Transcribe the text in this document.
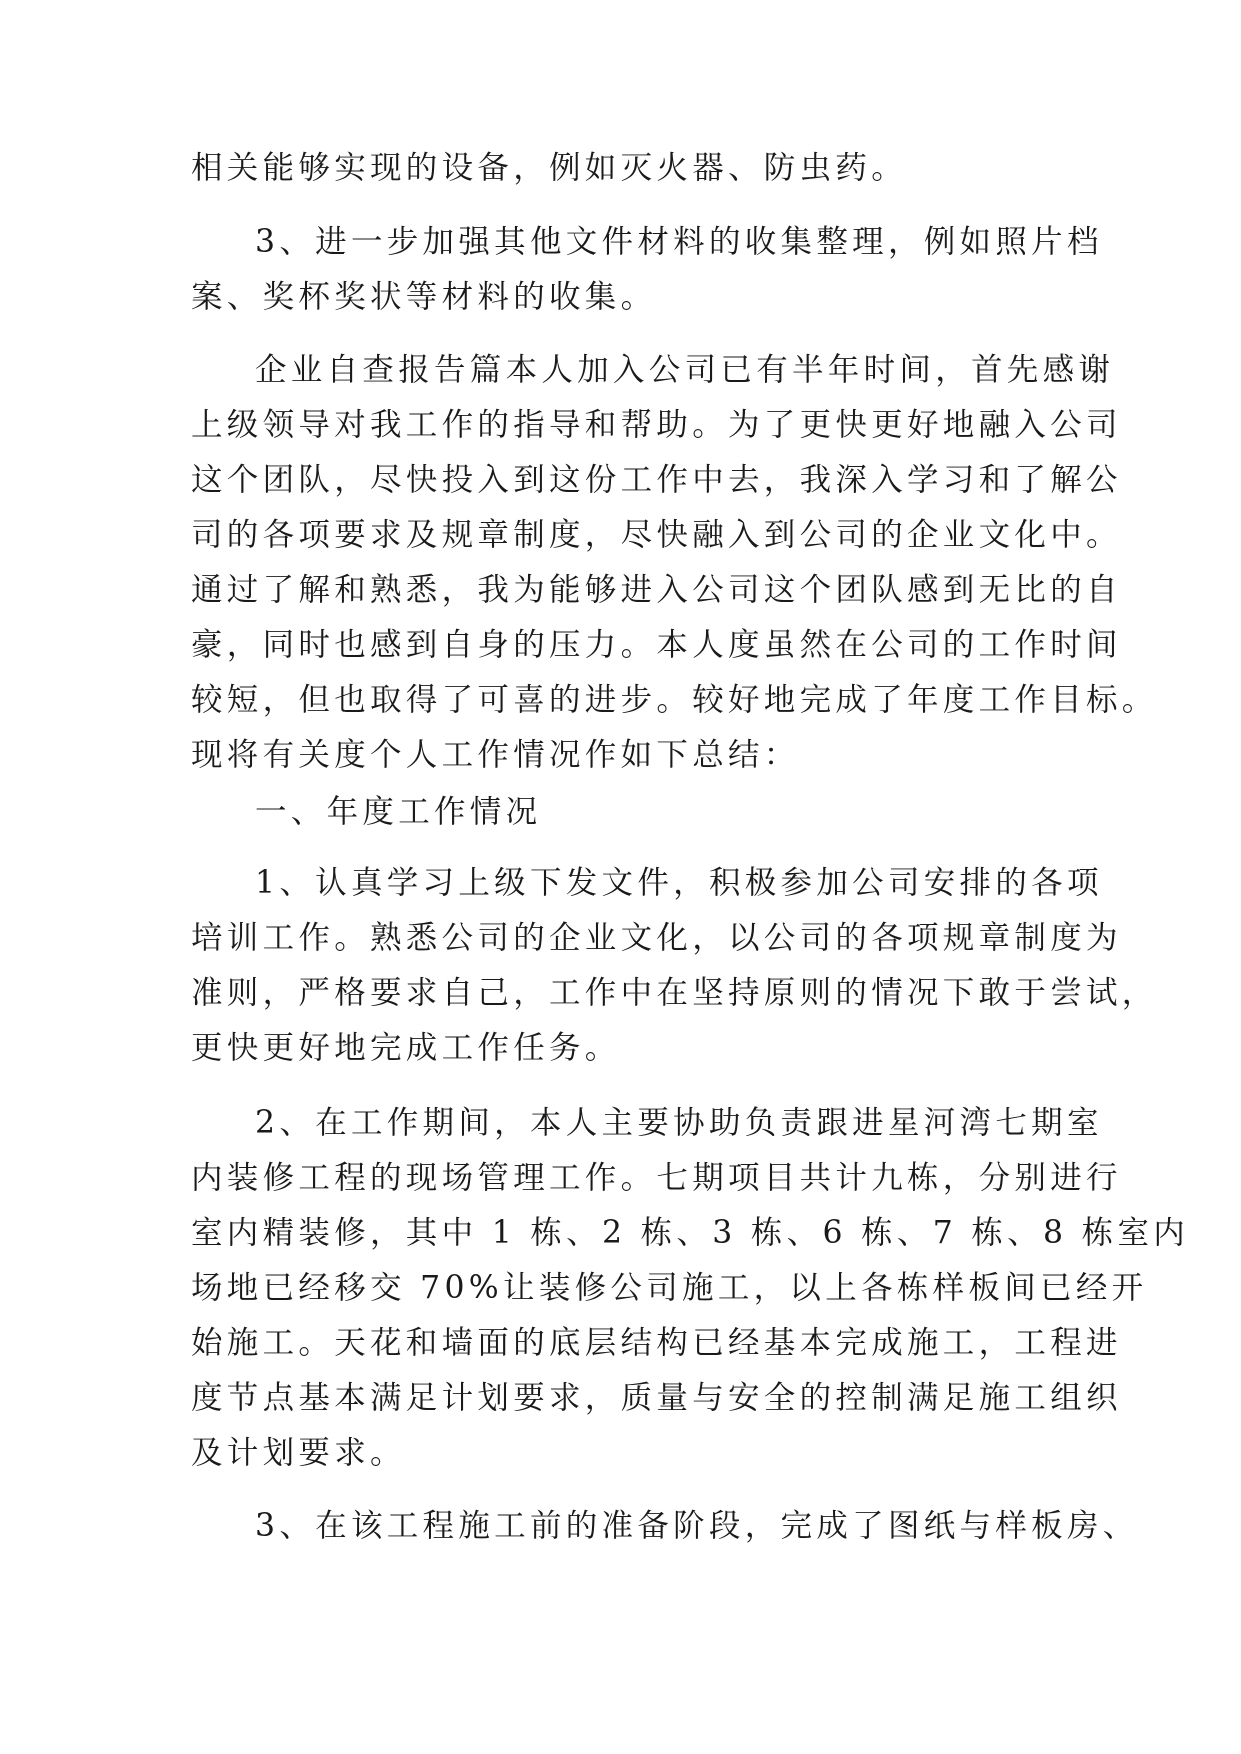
相关能够实现的设备，例如灭火器、防虫药。

3、进一步加强其他文件材料的收集整理，例如照片档

案、奖杯奖状等材料的收集。

企业自查报告篇本人加入公司已有半年时间，首先感谢

上级领导对我工作的指导和帮助。为了更快更好地融入公司

这个团队，尽快投入到这份工作中去，我深入学习和了解公

司的各项要求及规章制度，尽快融入到公司的企业文化中。

通过了解和熟悉，我为能够进入公司这个团队感到无比的自

豪，同时也感到自身的压力。本人度虽然在公司的工作时间

较短，但也取得了可喜的进步。较好地完成了年度工作目标。

现将有关度个人工作情况作如下总结：

一、年度工作情况

1、认真学习上级下发文件，积极参加公司安排的各项

培训工作。熟悉公司的企业文化，以公司的各项规章制度为

准则，严格要求自己，工作中在坚持原则的情况下敢于尝试，

更快更好地完成工作任务。

2、在工作期间，本人主要协助负责跟进星河湾七期室

内装修工程的现场管理工作。七期项目共计九栋，分别进行

室内精装修，其中 1 栋、2 栋、3 栋、6 栋、7 栋、8 栋室内

场地已经移交 70%让装修公司施工，以上各栋样板间已经开

始施工。天花和墙面的底层结构已经基本完成施工，工程进

度节点基本满足计划要求，质量与安全的控制满足施工组织

及计划要求。

3、在该工程施工前的准备阶段，完成了图纸与样板房、
